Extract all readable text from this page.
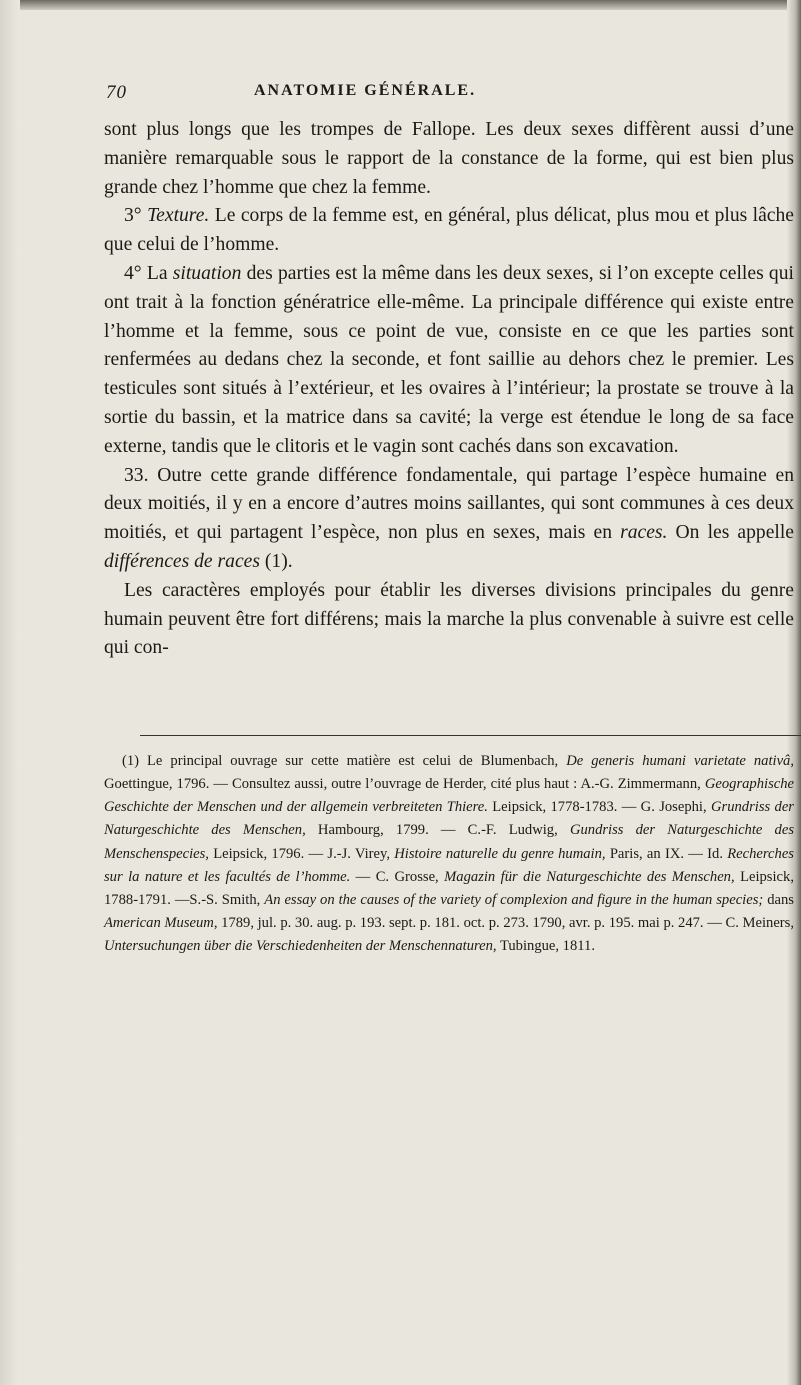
70	ANATOMIE GÉNÉRALE.

sont plus longs que les trompes de Fallope. Les deux sexes diffèrent aussi d’une manière remarquable sous le rapport de la constance de la forme, qui est bien plus grande chez l’homme que chez la femme.

3° Texture. Le corps de la femme est, en général, plus délicat, plus mou et plus lâche que celui de l’homme.

4° La situation des parties est la même dans les deux sexes, si l’on excepte celles qui ont trait à la fonction génératrice elle-même. La principale différence qui existe entre l’homme et la femme, sous ce point de vue, consiste en ce que les parties sont renfermées au dedans chez la seconde, et font saillie au dehors chez le premier. Les testicules sont situés à l’extérieur, et les ovaires à l’intérieur; la prostate se trouve à la sortie du bassin, et la matrice dans sa cavité; la verge est étendue le long de sa face externe, tandis que le clitoris et le vagin sont cachés dans son excavation.

33. Outre cette grande différence fondamentale, qui partage l’espèce humaine en deux moitiés, il y en a encore d’autres moins saillantes, qui sont communes à ces deux moitiés, et qui partagent l’espèce, non plus en sexes, mais en races. On les appelle différences de races (1).

Les caractères employés pour établir les diverses divisions principales du genre humain peuvent être fort différens; mais la marche la plus convenable à suivre est celle qui con-

(1) Le principal ouvrage sur cette matière est celui de Blumenbach, De generis humani varietate nativâ, Goettingue, 1796. — Consultez aussi, outre l’ouvrage de Herder, cité plus haut : A.-G. Zimmermann, Geographische Geschichte der Menschen und der allgemein verbreiteten Thiere. Leipsick, 1778-1783. — G. Josephi, Grundriss der Naturgeschichte des Menschen, Hambourg, 1799. — C.-F. Ludwig, Gundriss der Naturgeschichte des Menschenspecies, Leipsick, 1796. — J.-J. Virey, Histoire naturelle du genre humain, Paris, an IX. — Id. Recherches sur la nature et les facultés de l’homme. — C. Grosse, Magazin für die Naturgeschichte des Menschen, Leipsick, 1788-1791. —S.-S. Smith, An essay on the causes of the variety of complexion and figure in the human species; dans American Museum, 1789, jul. p. 30. aug. p. 193. sept. p. 181. oct. p. 273. 1790, avr. p. 195. mai p. 247. — C. Meiners, Untersuchungen über die Verschiedenheiten der Menschennaturen, Tubingue, 1811.
